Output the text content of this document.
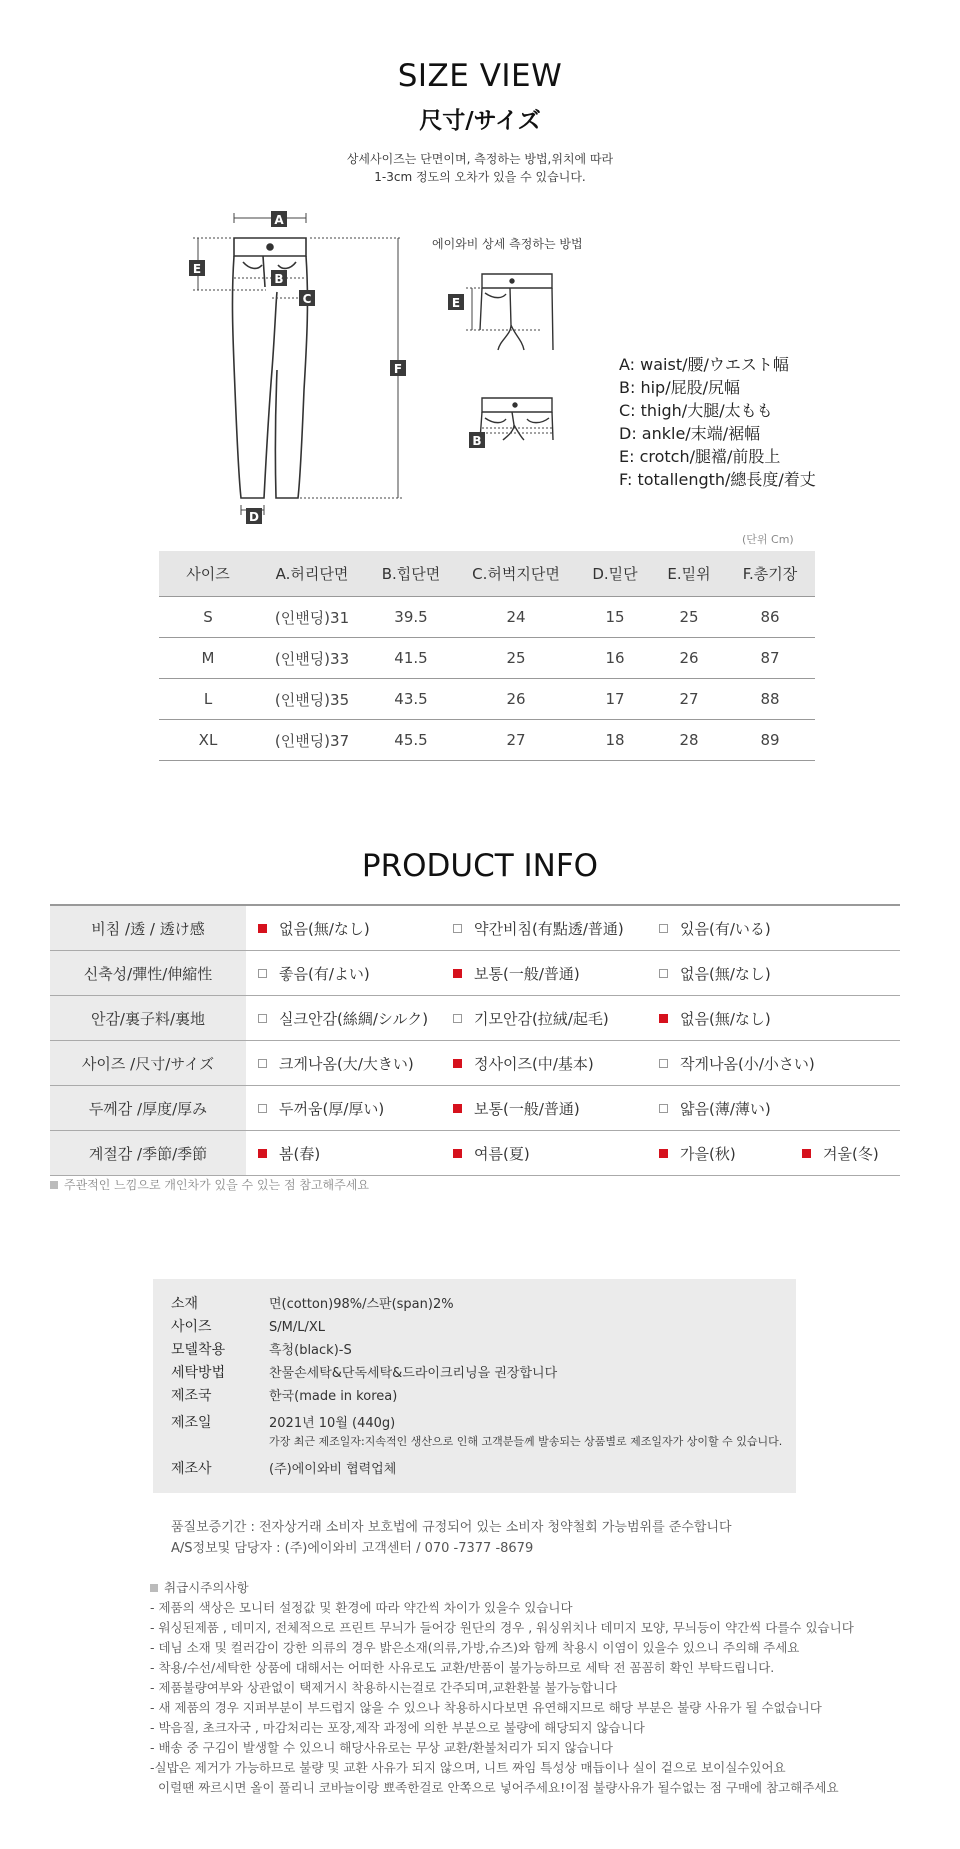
SIZE VIEW
尺寸/サイズ
상세사이즈는 단면이며, 측정하는 방법,위치에 따라
1-3cm 정도의 오차가 있을 수 있습니다.
A
E
B
C
F
D
E
B
에이와비 상세 측정하는 방법
A: waist/腰/ウエスト幅
B: hip/屁股/尻幅
C: thigh/大腿/太もも
D: ankle/末端/裾幅
E: crotch/腿襠/前股上
F: totallength/總長度/着丈
(단위 Cm)
사이즈	A.허리단면	B.힙단면	C.허벅지단면	D.밑단	E.밑위	F.총기장
S	(인밴딩)31	39.5	24	15	25	86
M	(인밴딩)33	41.5	25	16	26	87
L	(인밴딩)35	43.5	26	17	27	88
XL	(인밴딩)37	45.5	27	18	28	89
PRODUCT INFO
비침 /透 / 透け感	없음(無/なし)	약간비침(有點透/普通)	있음(有/いる)	
신축성/彈性/伸縮性	좋음(有/よい)	보통(一般/普通)	없음(無/なし)	
안감/裏子料/裏地	실크안감(絲綢/シルク)	기모안감(拉絨/起毛)	없음(無/なし)	
사이즈 /尺寸/サイズ	크게나옴(大/大きい)	정사이즈(中/基本)	작게나옴(小/小さい)	
두께감 /厚度/厚み	두꺼움(厚/厚い)	보통(一般/普通)	얇음(薄/薄い)	
계절감 /季節/季節	봄(春)	여름(夏)	가을(秋)	겨울(冬)
주관적인 느낌으로 개인차가 있을 수 있는 점 참고해주세요
소재	면(cotton)98%/스판(span)2%
사이즈	S/M/L/XL
모델착용	흑청(black)-S
세탁방법	찬물손세탁&단독세탁&드라이크리닝을 권장합니다
제조국	한국(made in korea)
제조일	2021년 10월 (440g)
가장 최근 제조일자:지속적인 생산으로 인해 고객분들께 발송되는 상품별로 제조일자가 상이할 수 있습니다.
제조사	(주)에이와비 협력업체
품질보증기간 : 전자상거래 소비자 보호법에 규정되어 있는 소비자 청약철회 가능범위를 준수합니다
A/S정보및 담당자 : (주)에이와비 고객센터 / 070 -7377 -8679
취급시주의사항
- 제품의 색상은 모니터 설정값 및 환경에 따라 약간씩 차이가 있을수 있습니다
- 워싱된제품 , 데미지, 전체적으로 프린트 무늬가 들어강 원단의 경우 , 워싱위치나 데미지 모양, 무늬등이 약간씩 다를수 있습니다
- 데님 소재 및 컬러감이 강한 의류의 경우 밝은소재(의류,가방,슈즈)와 함께 착용시 이염이 있을수 있으니 주의해 주세요
- 착용/수선/세탁한 상품에 대해서는 어떠한 사유로도 교환/반품이 불가능하므로 세탁 전 꼼꼼히 확인 부탁드립니다.
- 제품불량여부와 상관없이 택제거시 착용하시는걸로 간주되며,교환환불 불가능합니다
- 새 제품의 경우 지퍼부분이 부드럽지 않을 수 있으나 착용하시다보면 유연해지므로 해당 부분은 불량 사유가 될 수없습니다
- 박음질, 초크자국 , 마감처리는 포장,제작 과정에 의한 부분으로 불량에 해당되지 않습니다
- 배송 중 구김이 발생할 수 있으니 해당사유로는 무상 교환/환불처리가 되지 않습니다
-실밥은 제거가 가능하므로 불량 및 교환 사유가 되지 않으며, 니트 짜임 특성상 매듭이나 실이 겉으로 보이실수있어요
이럴땐 짜르시면 올이 풀리니 코바늘이랑 뾰족한걸로 안쪽으로 넣어주세요!이점 불량사유가 될수없는 점 구매에 참고해주세요
